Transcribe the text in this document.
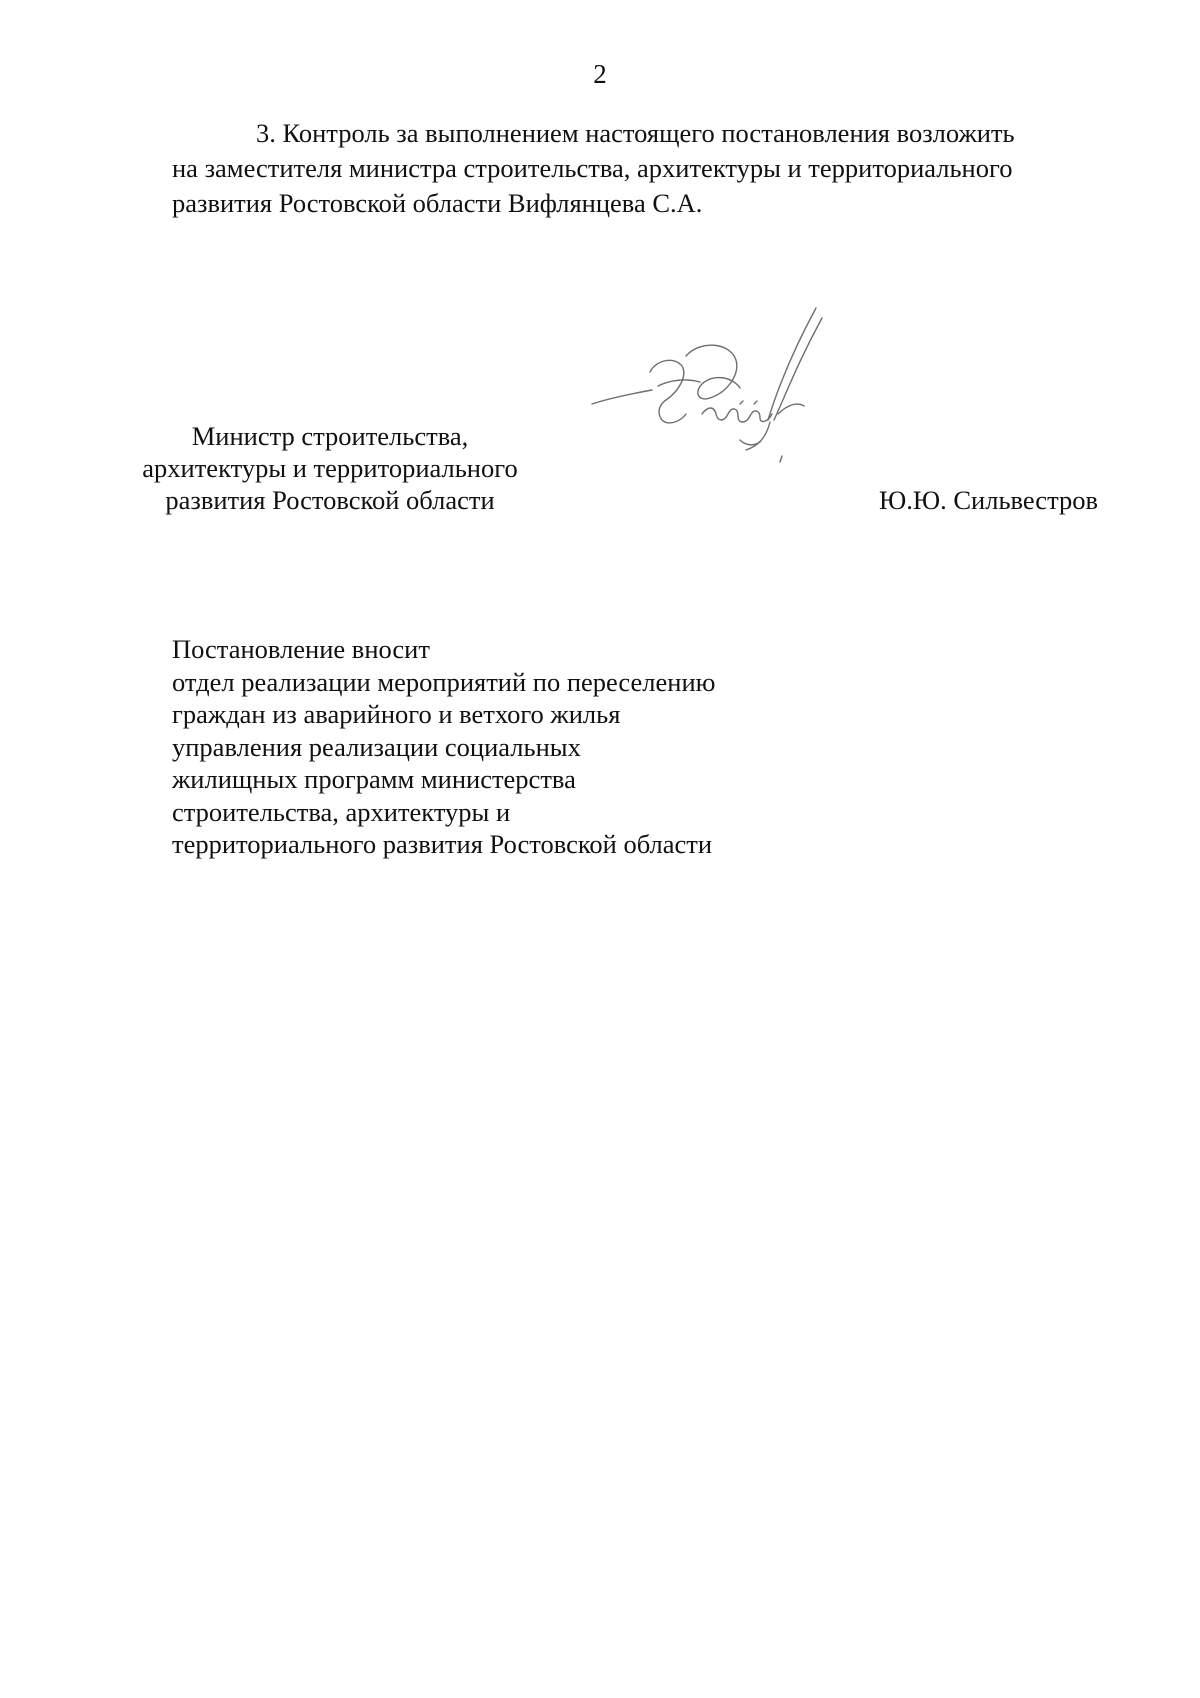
2
3. Контроль за выполнением настоящего постановления возложить
на заместителя министра строительства, архитектуры и территориального
развития Ростовской области Вифлянцева С.А.
Министр строительства,
архитектуры и территориального
развития Ростовской области	Ю.Ю. Сильвестров
Постановление вносит
отдел реализации мероприятий по переселению
граждан из аварийного и ветхого жилья
управления реализации социальных
жилищных программ министерства
строительства, архитектуры и
территориального развития Ростовской области
